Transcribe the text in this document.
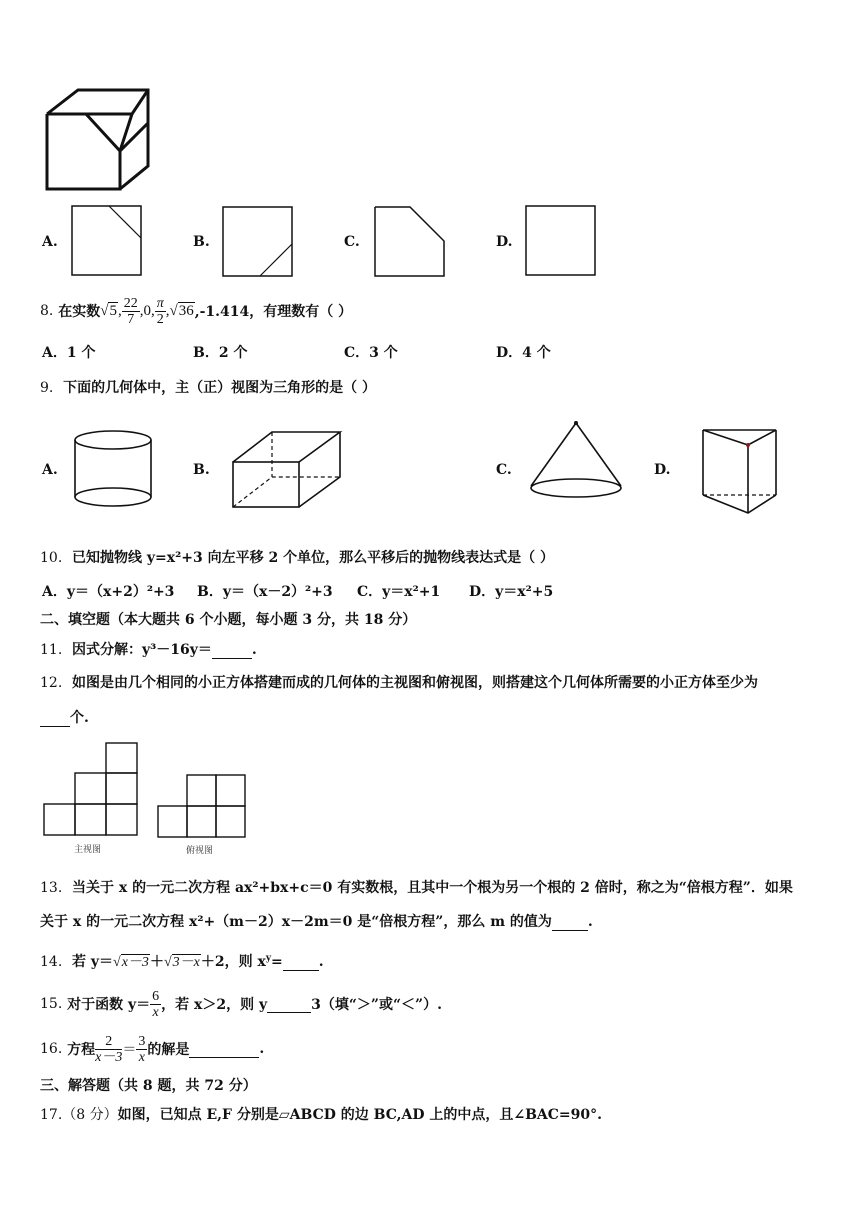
A.	B.	C.	D.
8.
在实数 √5, $\frac{22}{7} ,0$, $\frac{\pi}{2} ,√36$ ,-1.414，有理数有（ ）
A．1 个	B．2 个	C．3 个	D．4 个
9. 下面的几何体中，主（正）视图为三角形的是（ ）
A.	B.	C.	D.
10. 已知抛物线 y=x²+3 向左平移 2 个单位，那么平移后的抛物线表达式是（ ）
A．y＝（x+2）²+3 B．y＝（x－2）²+3 C．y＝x²+1 D．y＝x²+5
二、填空题（本大题共 6 个小题，每小题 3 分，共 18 分）
11. 因式分解：y³－16y＝	.
12. 如图是由几个相同的小正方体搭建而成的几何体的主视图和俯视图，则搭建这个几何体所需要的小正方体至少为
个.
主视图	俯视图
13. 当关于 x 的一元二次方程 ax²+bx+c＝0 有实数根，且其中一个根为另一个根的 2 倍时，称之为“倍根方程”．如果
关于 x 的一元二次方程 x²+（m－2）x－2m＝0 是“倍根方程”，那么 m 的值为	.
14. 若 y＝√x－3＋√3－x＋2，则 $x^y=$	.
15.
对于函数 $y= \frac{6}{x}$ ，若 x＞2，则 y
	3（填“＞”或“＜”）.
16.
方程 $\frac{2}{x-3} = \frac{3}{x}$ 的解是
	.
三、解答题（共 8 题，共 72 分）
17.（8 分）如图，已知点 E,F 分别是▱ABCD 的边 BC,AD 上的中点，且∠BAC=90°.
